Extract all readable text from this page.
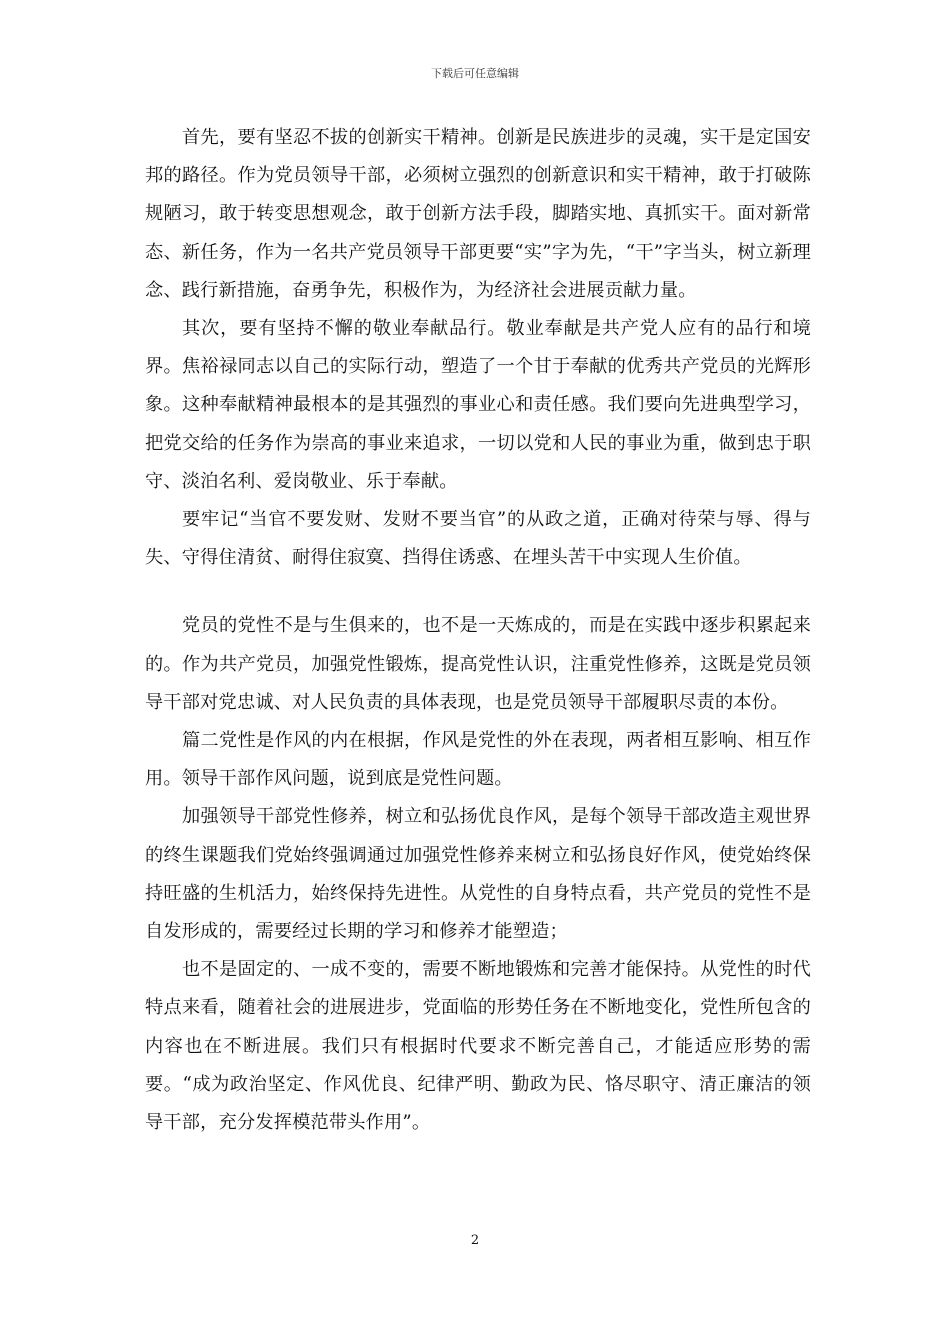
下载后可任意编辑

首先，要有坚忍不拔的创新实干精神。创新是民族进步的灵魂，实干是定国安邦的路径。作为党员领导干部，必须树立强烈的创新意识和实干精神，敢于打破陈规陋习，敢于转变思想观念，敢于创新方法手段，脚踏实地、真抓实干。面对新常态、新任务，作为一名共产党员领导干部更要“实”字为先，“干”字当头，树立新理念、践行新措施，奋勇争先，积极作为，为经济社会进展贡献力量。

其次，要有坚持不懈的敬业奉献品行。敬业奉献是共产党人应有的品行和境界。焦裕禄同志以自己的实际行动，塑造了一个甘于奉献的优秀共产党员的光辉形象。这种奉献精神最根本的是其强烈的事业心和责任感。我们要向先进典型学习，把党交给的任务作为崇高的事业来追求，一切以党和人民的事业为重，做到忠于职守、淡泊名利、爱岗敬业、乐于奉献。

要牢记“当官不要发财、发财不要当官”的从政之道，正确对待荣与辱、得与失、守得住清贫、耐得住寂寞、挡得住诱惑、在埋头苦干中实现人生价值。

党员的党性不是与生俱来的，也不是一天炼成的，而是在实践中逐步积累起来的。作为共产党员，加强党性锻炼，提高党性认识，注重党性修养，这既是党员领导干部对党忠诚、对人民负责的具体表现，也是党员领导干部履职尽责的本份。

篇二党性是作风的内在根据，作风是党性的外在表现，两者相互影响、相互作用。领导干部作风问题，说到底是党性问题。

加强领导干部党性修养，树立和弘扬优良作风，是每个领导干部改造主观世界的终生课题我们党始终强调通过加强党性修养来树立和弘扬良好作风，使党始终保持旺盛的生机活力，始终保持先进性。从党性的自身特点看，共产党员的党性不是自发形成的，需要经过长期的学习和修养才能塑造；

也不是固定的、一成不变的，需要不断地锻炼和完善才能保持。从党性的时代特点来看，随着社会的进展进步，党面临的形势任务在不断地变化，党性所包含的内容也在不断进展。我们只有根据时代要求不断完善自己，才能适应形势的需要。“成为政治坚定、作风优良、纪律严明、勤政为民、恪尽职守、清正廉洁的领导干部，充分发挥模范带头作用”。

2
